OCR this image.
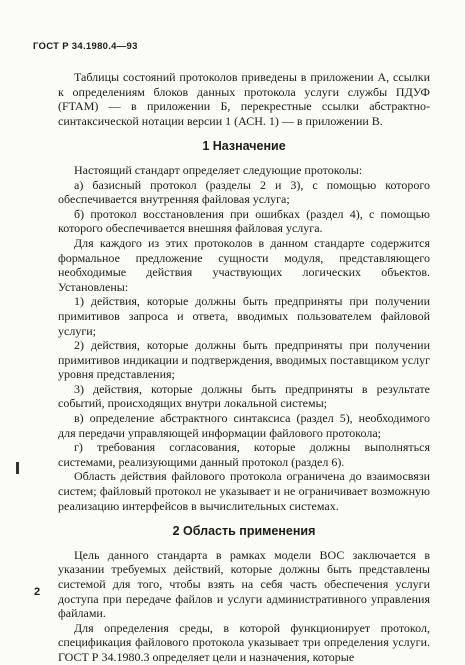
ГОСТ Р 34.1980.4—93

Таблицы состояний протоколов приведены в приложении А, ссылки к определениям блоков данных протокола услуги службы ПДУФ (FTAM) — в приложении Б, перекрестные ссылки абстрактно-синтаксической нотации версии 1 (АСН. 1) — в приложении В.

1 Назначение

Настоящий стандарт определяет следующие протоколы:

а) базисный протокол (разделы 2 и 3), с помощью которого обеспечивается внутренняя файловая услуга;

б) протокол восстановления при ошибках (раздел 4), с помощью которого обеспечивается внешняя файловая услуга.

Для каждого из этих протоколов в данном стандарте содержится формальное предложение сущности модуля, представляющего необходимые действия участвующих логических объектов. Установлены:

1) действия, которые должны быть предприняты при получении примитивов запроса и ответа, вводимых пользователем файловой услуги;

2) действия, которые должны быть предприняты при получении примитивов индикации и подтверждения, вводимых поставщиком услуг уровня представления;

3) действия, которые должны быть предприняты в результате событий, происходящих внутри локальной системы;

в) определение абстрактного синтаксиса (раздел 5), необходимого для передачи управляющей информации файлового протокола;

г) требования согласования, которые должны выполняться системами, реализующими данный протокол (раздел 6).

Область действия файлового протокола ограничена до взаимосвязи систем; файловый протокол не указывает и не ограничивает возможную реализацию интерфейсов в вычислительных системах.

2 Область применения

Цель данного стандарта в рамках модели ВОС заключается в указании требуемых действий, которые должны быть представлены системой для того, чтобы взять на себя часть обеспечения услуги доступа при передаче файлов и услуги административного управления файлами.

Для определения среды, в которой функционирует протокол, спецификация файлового протокола указывает три определения услуги. ГОСТ Р 34.1980.3 определяет цели и назначения, которые

2
